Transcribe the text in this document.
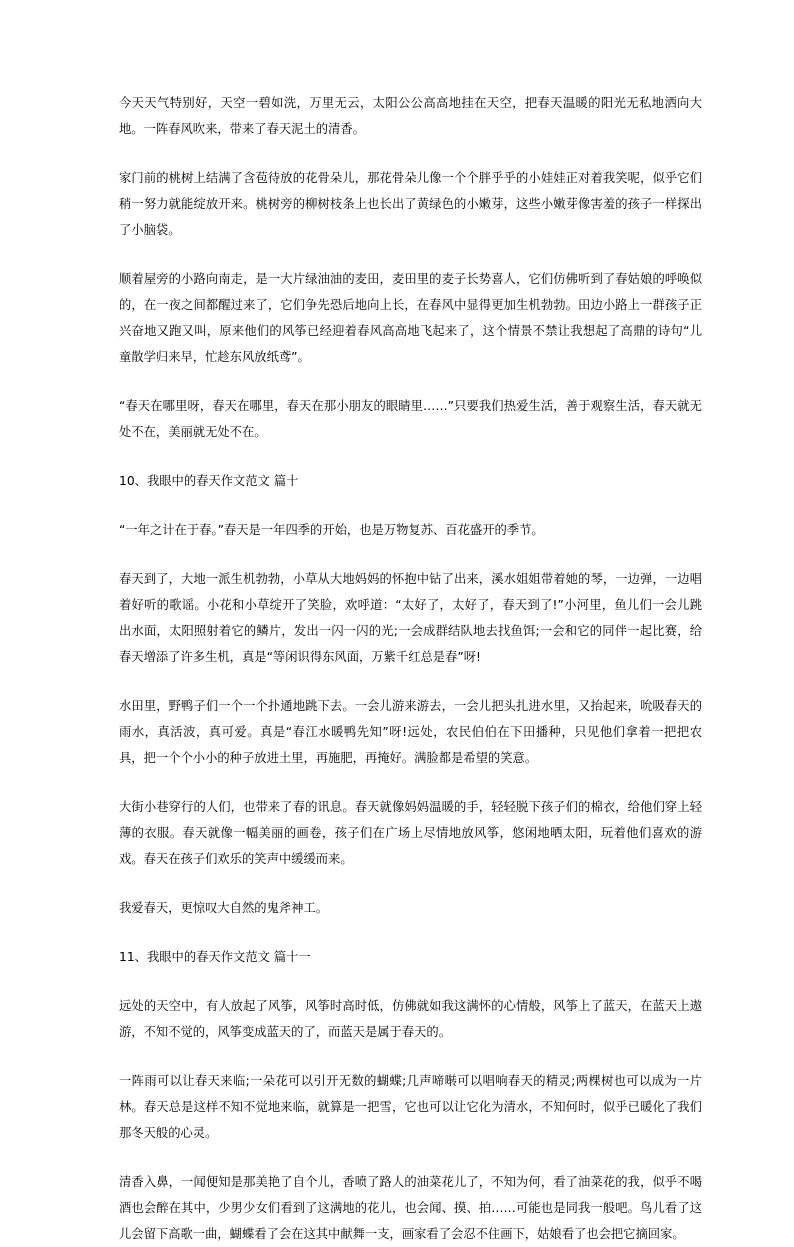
今天天气特别好，天空一碧如洗，万里无云，太阳公公高高地挂在天空，把春天温暖的阳光无私地洒向大地。一阵春风吹来，带来了春天泥土的清香。

家门前的桃树上结满了含苞待放的花骨朵儿，那花骨朵儿像一个个胖乎乎的小娃娃正对着我笑呢，似乎它们稍一努力就能绽放开来。桃树旁的柳树枝条上也长出了黄绿色的小嫩芽，这些小嫩芽像害羞的孩子一样探出了小脑袋。

顺着屋旁的小路向南走，是一大片绿油油的麦田，麦田里的麦子长势喜人，它们仿佛听到了春姑娘的呼唤似的，在一夜之间都醒过来了，它们争先恐后地向上长，在春风中显得更加生机勃勃。田边小路上一群孩子正兴奋地又跑又叫，原来他们的风筝已经迎着春风高高地飞起来了，这个情景不禁让我想起了高鼎的诗句“儿童散学归来早，忙趁东风放纸鸢”。

“春天在哪里呀，春天在哪里，春天在那小朋友的眼睛里……”只要我们热爱生活，善于观察生活，春天就无处不在，美丽就无处不在。

10、我眼中的春天作文范文 篇十

“一年之计在于春。”春天是一年四季的开始，也是万物复苏、百花盛开的季节。

春天到了，大地一派生机勃勃，小草从大地妈妈的怀抱中钻了出来，溪水姐姐带着她的琴，一边弹，一边唱着好听的歌谣。小花和小草绽开了笑脸，欢呼道：“太好了，太好了，春天到了!”小河里，鱼儿们一会儿跳出水面，太阳照射着它的鳞片，发出一闪一闪的光;一会成群结队地去找鱼饵;一会和它的同伴一起比赛，给春天增添了许多生机，真是“等闲识得东风面，万紫千红总是春”呀!

水田里，野鸭子们一个一个扑通地跳下去。一会儿游来游去，一会儿把头扎进水里，又抬起来，吮吸春天的雨水，真活波，真可爱。真是“春江水暖鸭先知”呀!远处，农民伯伯在下田播种，只见他们拿着一把把农具，把一个个小小的种子放进土里，再施肥，再掩好。满脸都是希望的笑意。

大街小巷穿行的人们，也带来了春的讯息。春天就像妈妈温暖的手，轻轻脱下孩子们的棉衣，给他们穿上轻薄的衣服。春天就像一幅美丽的画卷，孩子们在广场上尽情地放风筝，悠闲地晒太阳，玩着他们喜欢的游戏。春天在孩子们欢乐的笑声中缓缓而来。

我爱春天，更惊叹大自然的鬼斧神工。

11、我眼中的春天作文范文 篇十一

远处的天空中，有人放起了风筝，风筝时高时低，仿佛就如我这满怀的心情般，风筝上了蓝天，在蓝天上遨游，不知不觉的，风筝变成蓝天的了，而蓝天是属于春天的。

一阵雨可以让春天来临;一朵花可以引开无数的蝴蝶;几声啼啭可以唱响春天的精灵;两棵树也可以成为一片林。春天总是这样不知不觉地来临，就算是一把雪，它也可以让它化为清水，不知何时，似乎已暖化了我们那冬天般的心灵。

清香入鼻，一闻便知是那美艳了自个儿，香喷了路人的油菜花儿了，不知为何，看了油菜花的我，似乎不喝酒也会醉在其中，少男少女们看到了这满地的花儿，也会闻、摸、拍……可能也是同我一般吧。鸟儿看了这儿会留下高歌一曲，蝴蝶看了会在这其中献舞一支，画家看了会忍不住画下，姑娘看了也会把它摘回家。
